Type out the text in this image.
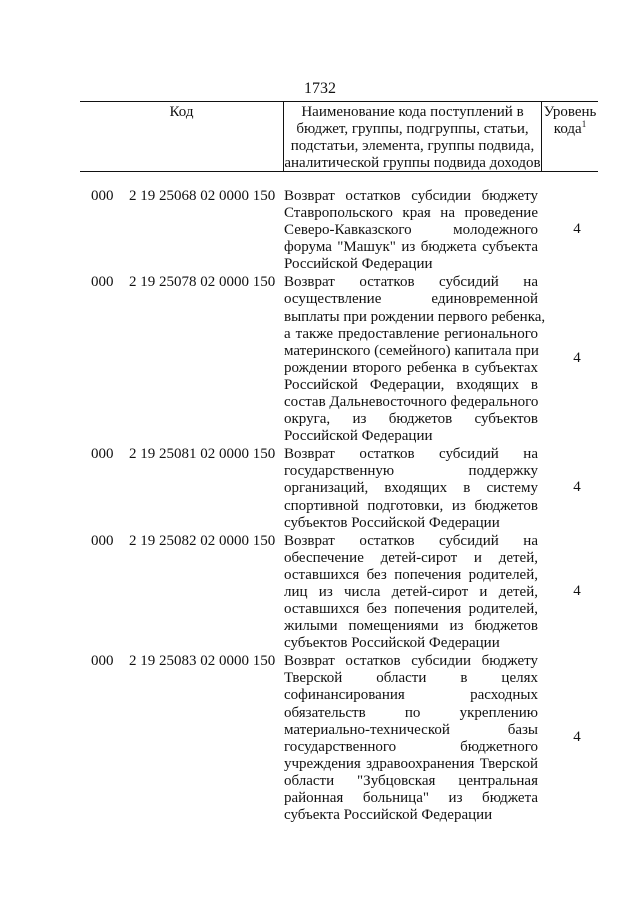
1732
Код	Наименование кода поступлений в
бюджет, группы, подгруппы, статьи,
подстатьи, элемента, группы подвида,
аналитической группы подвида доходов
Уровень
кода$^1$
000 2 19 25068 02 0000 150 Возврат остатков субсидии бюджету
Ставропольского края на проведение
Северо-Кавказского молодежного
форума "Машук" из бюджета субъекта
Российской Федерации
4
000 2 19 25078 02 0000 150 Возврат остатков субсидий на
осуществление единовременной
выплаты при рождении первого ребенка,
а также предоставление регионального
материнского (семейного) капитала при
рождении второго ребенка в субъектах
Российской Федерации, входящих в
состав Дальневосточного федерального
округа, из бюджетов субъектов
Российской Федерации
4
000 2 19 25081 02 0000 150 Возврат остатков субсидий на
государственную поддержку
организаций, входящих в систему
спортивной подготовки, из бюджетов
субъектов Российской Федерации
4
000 2 19 25082 02 0000 150 Возврат остатков субсидий на
обеспечение детей-сирот и детей,
оставшихся без попечения родителей,
лиц из числа детей-сирот и детей,
оставшихся без попечения родителей,
жилыми помещениями из бюджетов
субъектов Российской Федерации
4
000 2 19 25083 02 0000 150 Возврат остатков субсидии бюджету
Тверской области в целях
софинансирования расходных
обязательств по укреплению
материально-технической базы
государственного бюджетного
учреждения здравоохранения Тверской
области "Зубцовская центральная
районная больница" из бюджета
субъекта Российской Федерации
4
